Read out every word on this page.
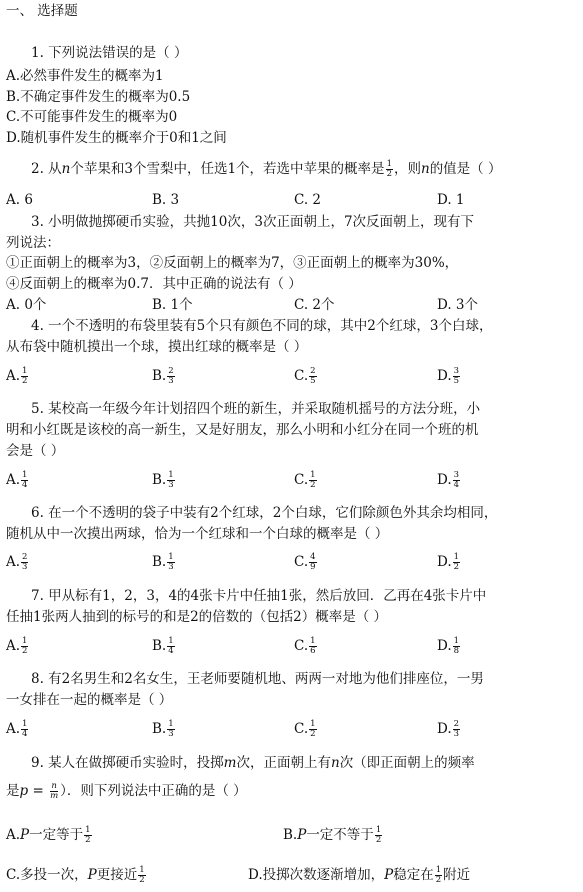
一、 选择题
1. 下列说法错误的是（ ）
A.必然事件发生的概率为1
B.不确定事件发生的概率为0.5
C.不可能事件发生的概率为0
D.随机事件发生的概率介于0和1之间
2. 从n个苹果和3个雪梨中，任选1个，若选中苹果的概率是 $\frac{1}{2}$ ，则n的值是（ ）
A. 6	B. 3	C. 2	D. 1
3. 小明做抛掷硬币实验，共抛10次，3次正面朝上，7次反面朝上，现有下
列说法：
①正面朝上的概率为3，②反面朝上的概率为7，③正面朝上的概率为30%，
④反面朝上的概率为0.7．其中正确的说法有（ ）
A. 0个	B. 1个	C. 2个	D. 3个
4. 一个不透明的布袋里装有5个只有颜色不同的球，其中2个红球，3个白球，
从布袋中随机摸出一个球，摸出红球的概率是（ ）
A. $\frac{1}{2}$	B. $\frac{2}{3}$	C. $\frac{2}{5}$	D. $\frac{3}{5}$
5. 某校高一年级今年计划招四个班的新生，并采取随机摇号的方法分班，小
明和小红既是该校的高一新生，又是好朋友，那么小明和小红分在同一个班的机
会是（ ）
A. $\frac{1}{4}$	B. $\frac{1}{3}$	C. $\frac{1}{2}$	D. $\frac{3}{4}$
6. 在一个不透明的袋子中装有2个红球，2个白球，它们除颜色外其余均相同，
随机从中一次摸出两球，恰为一个红球和一个白球的概率是（ ）
A. $\frac{2}{3}$	B. $\frac{1}{3}$	C. $\frac{4}{9}$	D. $\frac{1}{2}$
7. 甲从标有1，2，3，4的4张卡片中任抽1张，然后放回．乙再在4张卡片中
任抽1张两人抽到的标号的和是2的倍数的（包括2）概率是（ ）
A. $\frac{1}{2}$	B. $\frac{1}{4}$	C. $\frac{1}{6}$	D. $\frac{1}{8}$
8. 有2名男生和2名女生，王老师要随机地、两两一对地为他们排座位，一男
一女排在一起的概率是（ ）
A. $\frac{1}{4}$	B. $\frac{1}{3}$	C. $\frac{1}{2}$	D. $\frac{2}{3}$
9. 某人在做掷硬币实验时，投掷m次，正面朝上有n次（即正面朝上的频率
是$p = \frac{n}{m}$ ）．则下列说法中正确的是（ ）
A.P一定等于 $\frac{1}{2}$	B.P一定不等于 $\frac{1}{2}$
C.多投一次，P更接近 $\frac{1}{2}$	D.投掷次数逐渐增加，P稳定在 $\frac{1}{2}$ 附近
